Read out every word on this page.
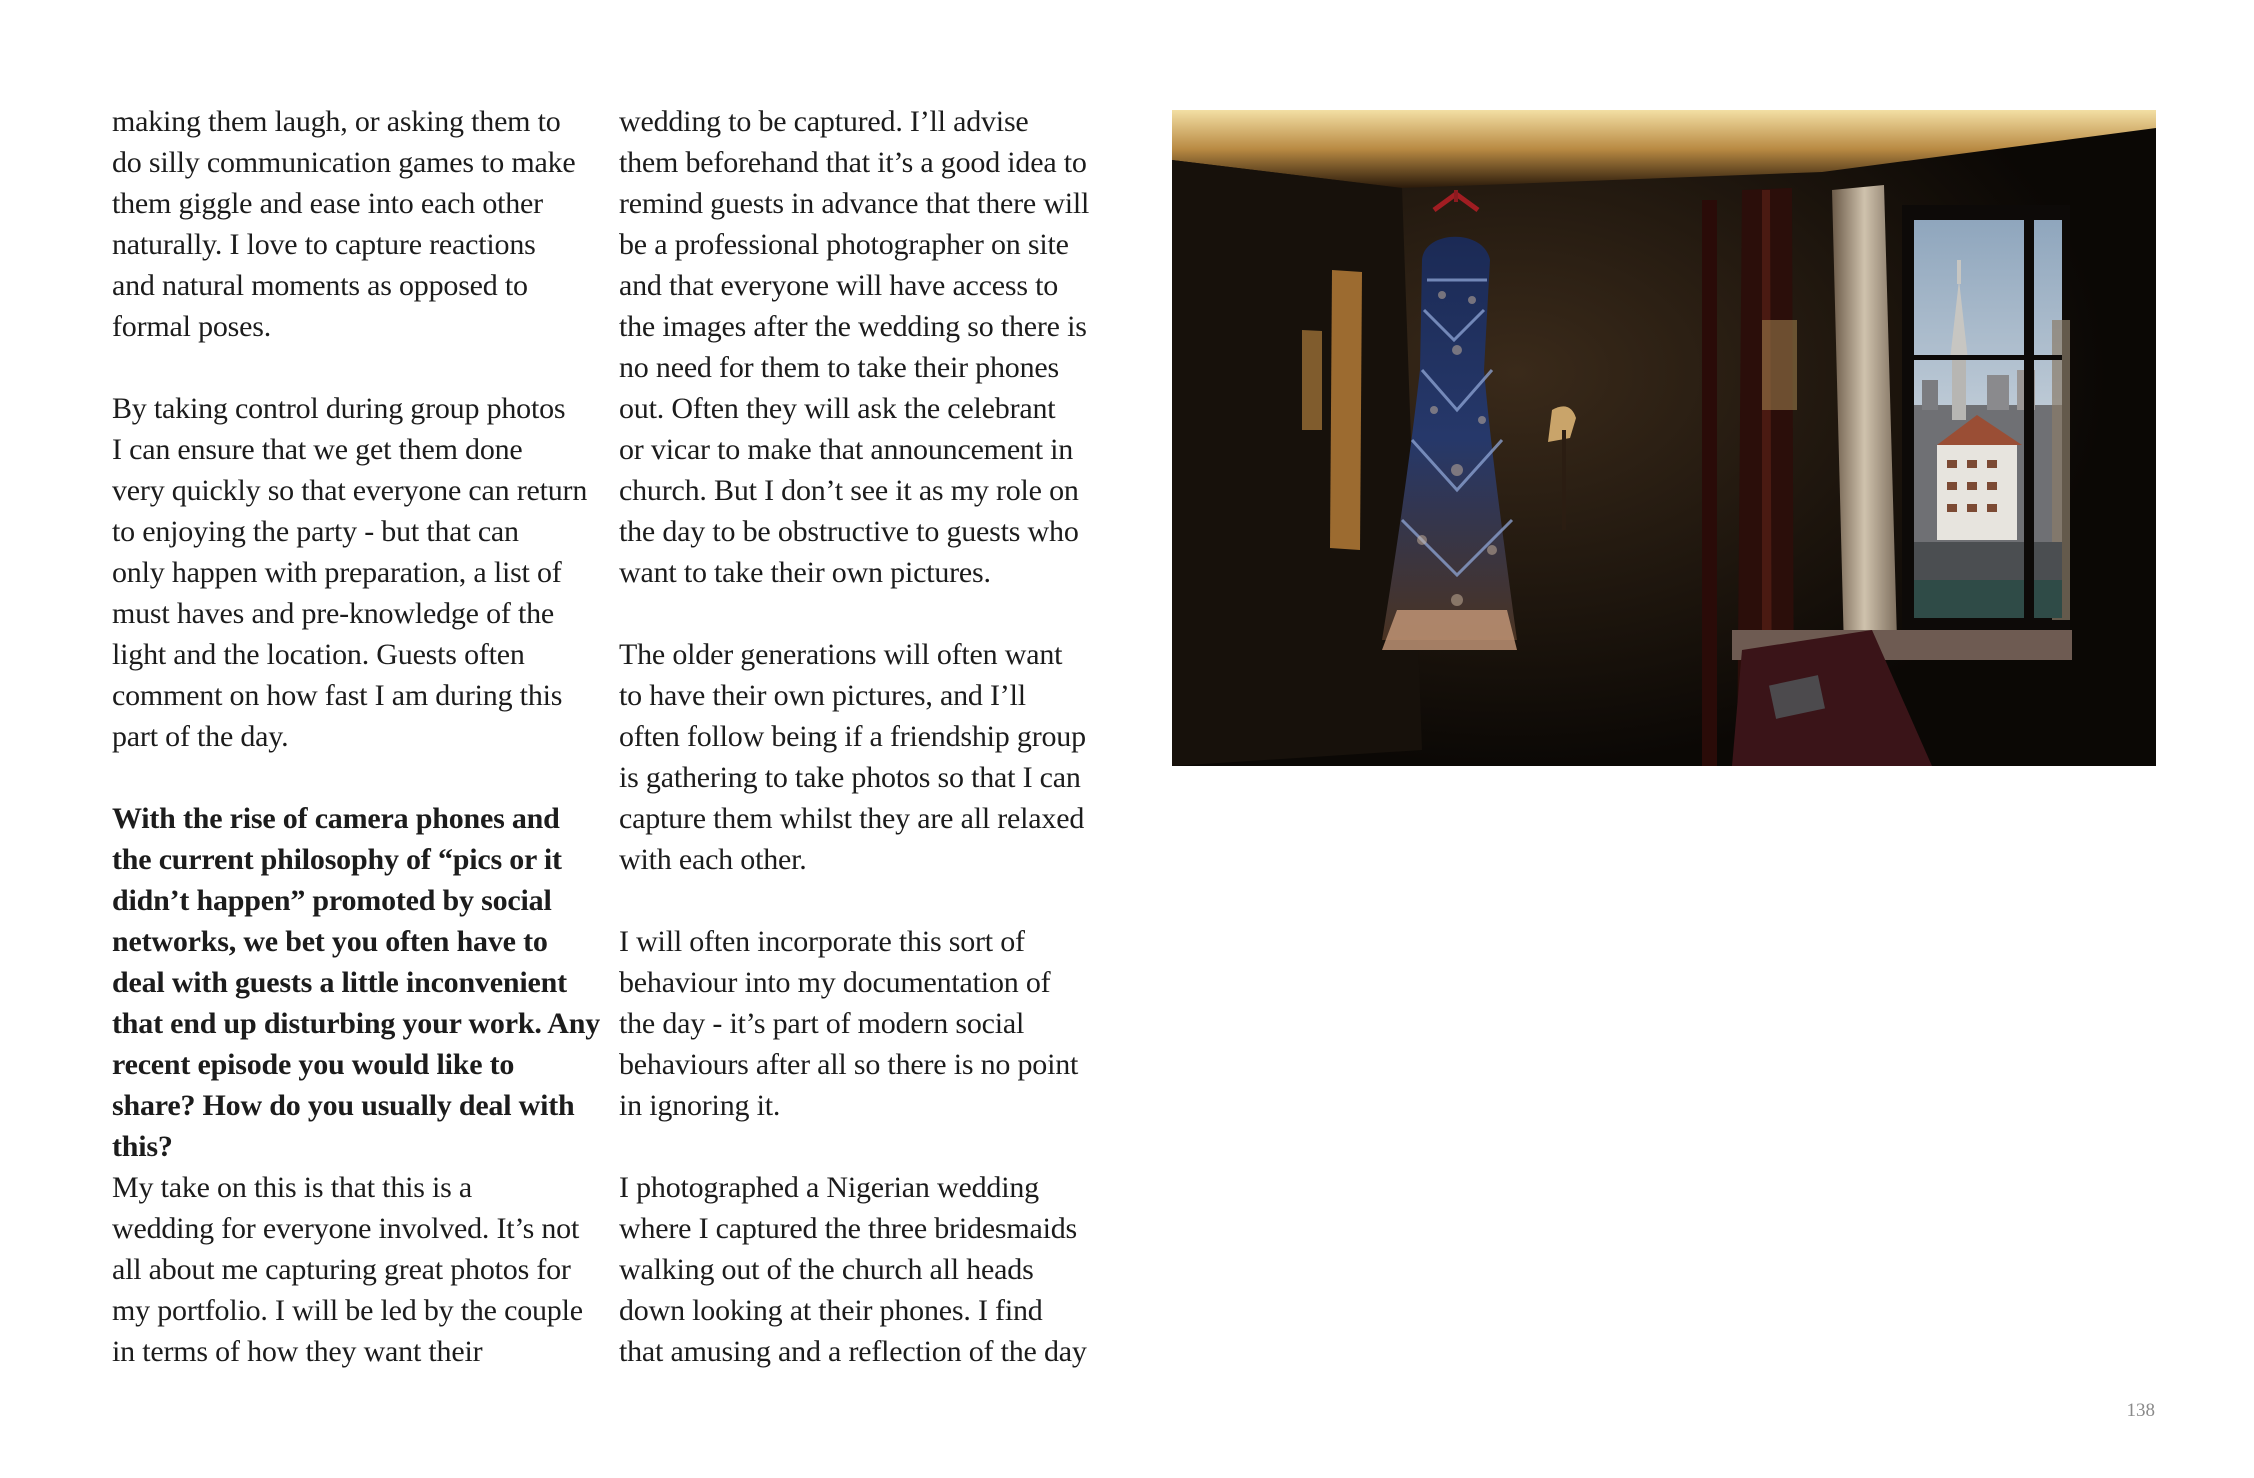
making them laugh, or asking them to
do silly communication games to make
them giggle and ease into each other
naturally. I love to capture reactions
and natural moments as opposed to
formal poses.

By taking control during group photos
I can ensure that we get them done
very quickly so that everyone can return
to enjoying the party - but that can
only happen with preparation, a list of
must haves and pre-knowledge of the
light and the location. Guests often
comment on how fast I am during this
part of the day.

With the rise of camera phones and
the current philosophy of “pics or it
didn’t happen” promoted by social
networks, we bet you often have to
deal with guests a little inconvenient
that end up disturbing your work. Any
recent episode you would like to
share? How do you usually deal with
this?

My take on this is that this is a
wedding for everyone involved. It’s not
all about me capturing great photos for
my portfolio. I will be led by the couple
in terms of how they want their

wedding to be captured. I’ll advise
them beforehand that it’s a good idea to
remind guests in advance that there will
be a professional photographer on site
and that everyone will have access to
the images after the wedding so there is
no need for them to take their phones
out. Often they will ask the celebrant
or vicar to make that announcement in
church. But I don’t see it as my role on
the day to be obstructive to guests who
want to take their own pictures.

The older generations will often want
to have their own pictures, and I’ll
often follow being if a friendship group
is gathering to take photos so that I can
capture them whilst they are all relaxed
with each other.

I will often incorporate this sort of
behaviour into my documentation of
the day - it’s part of modern social
behaviours after all so there is no point
in ignoring it.

I photographed a Nigerian wedding
where I captured the three bridesmaids
walking out of the church all heads
down looking at their phones. I find
that amusing and a reflection of the day

138
